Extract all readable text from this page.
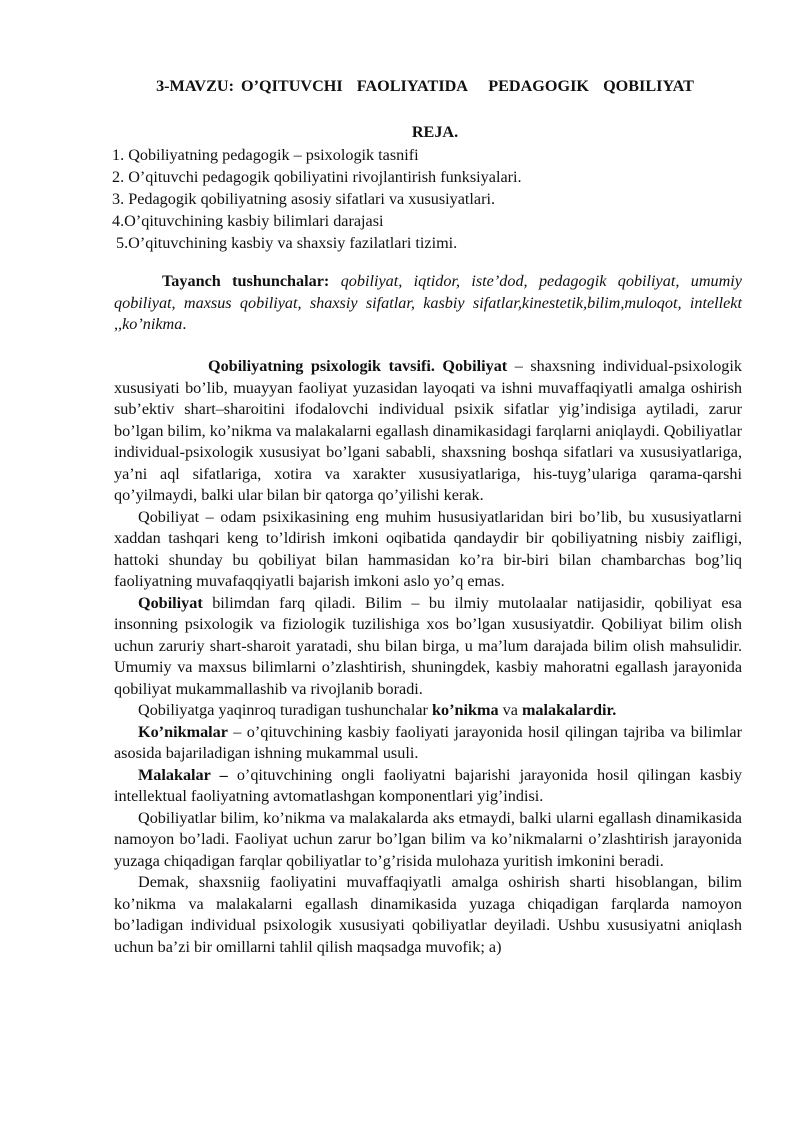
3-MAVZU: O’QITUVCHI  FAOLIYATIDA   PEDAGOGIK  QOBILIYAT
REJA.
1. Qobiliyatning pedagogik – psixologik tasnifi
2. O’qituvchi pedagogik qobiliyatini rivojlantirish funksiyalari.
3. Pedagogik qobiliyatning asosiy sifatlari va xususiyatlari.
4.O’qituvchining kasbiy bilimlari darajasi
5.O’qituvchining kasbiy va shaxsiy fazilatlari tizimi.

Tayanch tushunchalar: qobiliyat, iqtidor, iste’dod, pedagogik qobiliyat, umumiy qobiliyat, maxsus qobiliyat, shaxsiy sifatlar, kasbiy sifatlar,kinestetik,bilim,muloqot, intellekt ,,ko’nikma.

Qobiliyatning psixologik tavsifi. Qobiliyat – shaxsning individual-psixologik xususiyati bo’lib, muayyan faoliyat yuzasidan layoqati va ishni muvaffaqiyatli amalga oshirish sub’ektiv shart–sharoitini ifodalovchi individual psixik sifatlar yig’indisiga aytiladi, zarur bo’lgan bilim, ko’nikma va malakalarni egallash dinamikasidagi farqlarni aniqlaydi. Qobiliyatlar individual-psixologik xususiyat bo’lgani sababli, shaxsning boshqa sifatlari va xususiyatlariga, ya’ni aql sifatlariga, xotira va xarakter xususiyatlariga, his-tuyg’ulariga qarama-qarshi qo’yilmaydi, balki ular bilan bir qatorga qo’yilishi kerak.

Qobiliyat – odam psixikasining eng muhim hususiyatlaridan biri bo’lib, bu xususiyatlarni xaddan tashqari keng to’ldirish imkoni oqibatida qandaydir bir qobiliyatning nisbiy zaifligi, hattoki shunday bu qobiliyat bilan hammasidan ko’ra bir-biri bilan chambarchas bog’liq faoliyatning muvafaqqiyatli bajarish imkoni aslo yo’q emas.

Qobiliyat bilimdan farq qiladi. Bilim – bu ilmiy mutolaalar natijasidir, qobiliyat esa insonning psixologik va fiziologik tuzilishiga xos bo’lgan xususiyatdir. Qobiliyat bilim olish uchun zaruriy shart-sharoit yaratadi, shu bilan birga, u ma’lum darajada bilim olish mahsulidir. Umumiy va maxsus bilimlarni o’zlashtirish, shuningdek, kasbiy mahoratni egallash jarayonida qobiliyat mukammallashib va rivojlanib boradi.

Qobiliyatga yaqinroq turadigan tushunchalar ko’nikma va malakalardir.

Ko’nikmalar – o’qituvchining kasbiy faoliyati jarayonida hosil qilingan tajriba va bilimlar asosida bajariladigan ishning mukammal usuli.

Malakalar – o’qituvchining ongli faoliyatni bajarishi jarayonida hosil qilingan kasbiy intellektual faoliyatning avtomatlashgan komponentlari yig’indisi.

Qobiliyatlar bilim, ko’nikma va malakalarda aks etmaydi, balki ularni egallash dinamikasida namoyon bo’ladi. Faoliyat uchun zarur bo’lgan bilim va ko’nikmalarni o’zlashtirish jarayonida yuzaga chiqadigan farqlar qobiliyatlar to’g’risida mulohaza yuritish imkonini beradi.

Demak, shaxsniig faoliyatini muvaffaqiyatli amalga oshirish sharti hisoblangan, bilim ko’nikma va malakalarni egallash dinamikasida yuzaga chiqadigan farqlarda namoyon bo’ladigan individual psixologik xususiyati qobiliyatlar deyiladi. Ushbu xususiyatni aniqlash uchun ba’zi bir omillarni tahlil qilish maqsadga muvofik; a)
